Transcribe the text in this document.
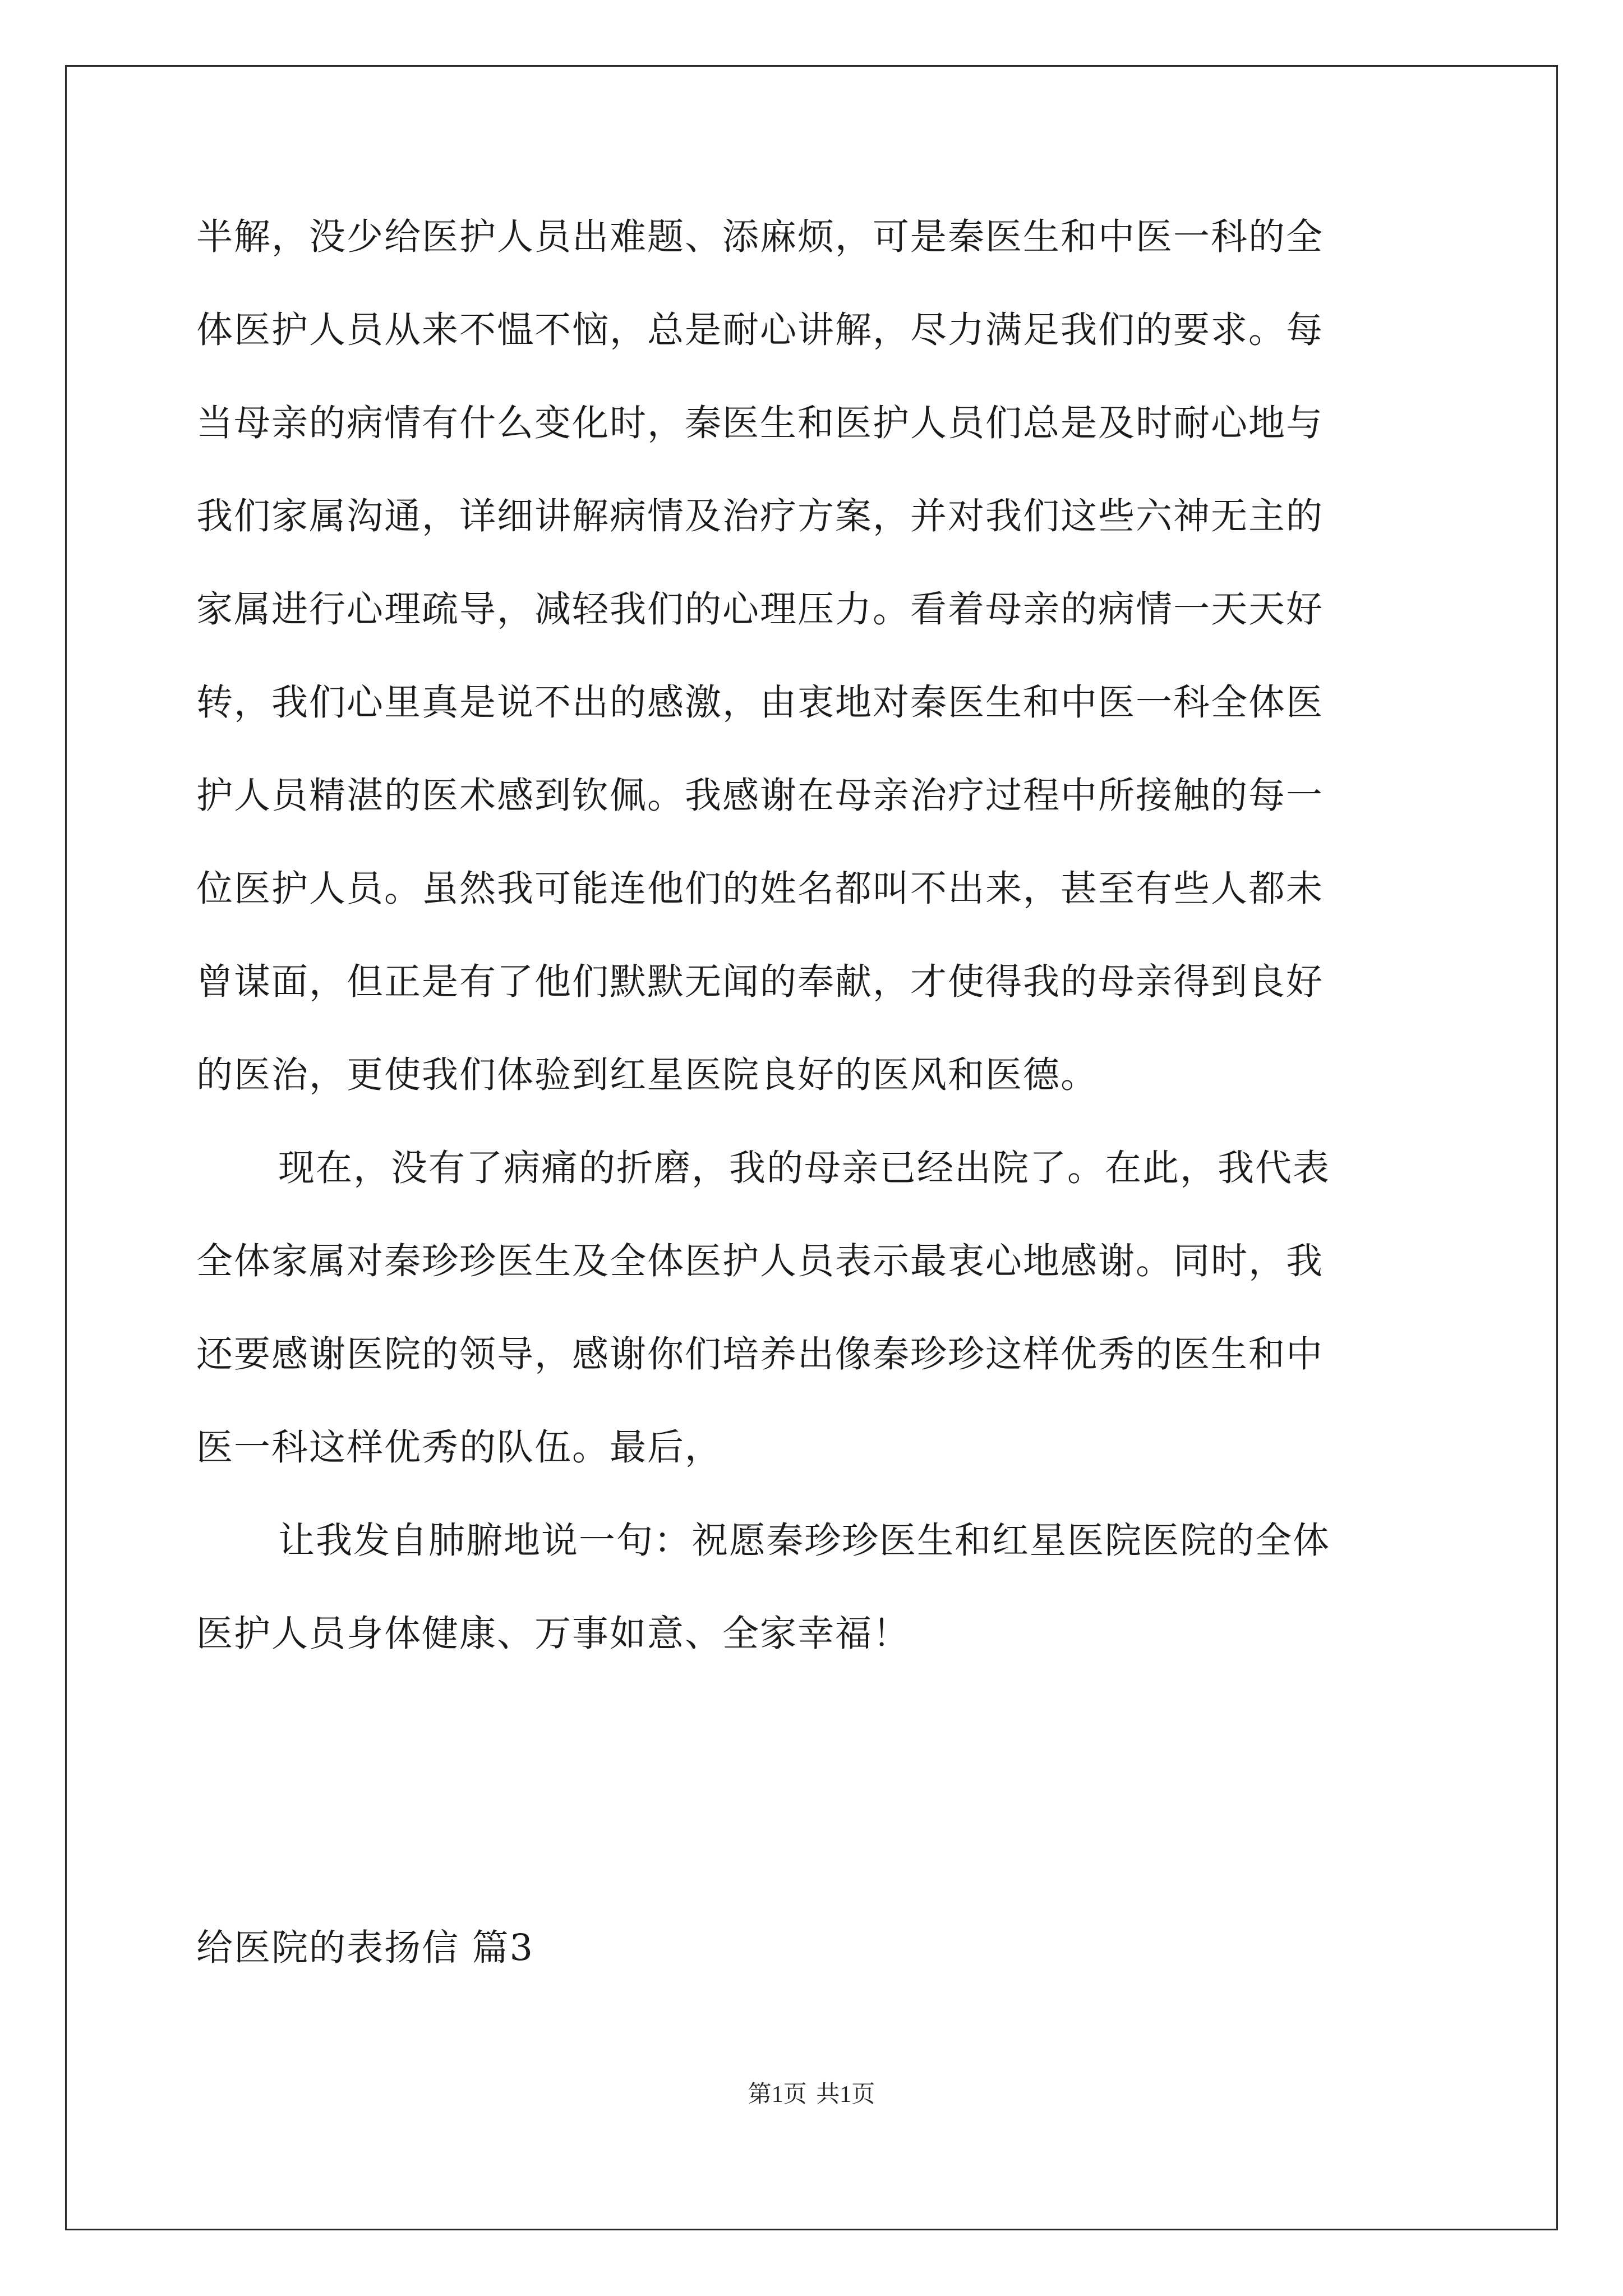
半解，没少给医护人员出难题、添麻烦，可是秦医生和中医一科的全
体医护人员从来不愠不恼，总是耐心讲解，尽力满足我们的要求。每
当母亲的病情有什么变化时，秦医生和医护人员们总是及时耐心地与
我们家属沟通，详细讲解病情及治疗方案，并对我们这些六神无主的
家属进行心理疏导，减轻我们的心理压力。看着母亲的病情一天天好
转，我们心里真是说不出的感激，由衷地对秦医生和中医一科全体医
护人员精湛的医术感到钦佩。我感谢在母亲治疗过程中所接触的每一
位医护人员。虽然我可能连他们的姓名都叫不出来，甚至有些人都未
曾谋面，但正是有了他们默默无闻的奉献，才使得我的母亲得到良好
的医治，更使我们体验到红星医院良好的医风和医德。
现在，没有了病痛的折磨，我的母亲已经出院了。在此，我代表
全体家属对秦珍珍医生及全体医护人员表示最衷心地感谢。同时，我
还要感谢医院的领导，感谢你们培养出像秦珍珍这样优秀的医生和中
医一科这样优秀的队伍。最后，
让我发自肺腑地说一句：祝愿秦珍珍医生和红星医院医院的全体
医护人员身体健康、万事如意、全家幸福！
给医院的表扬信 篇3
第1页 共1页
